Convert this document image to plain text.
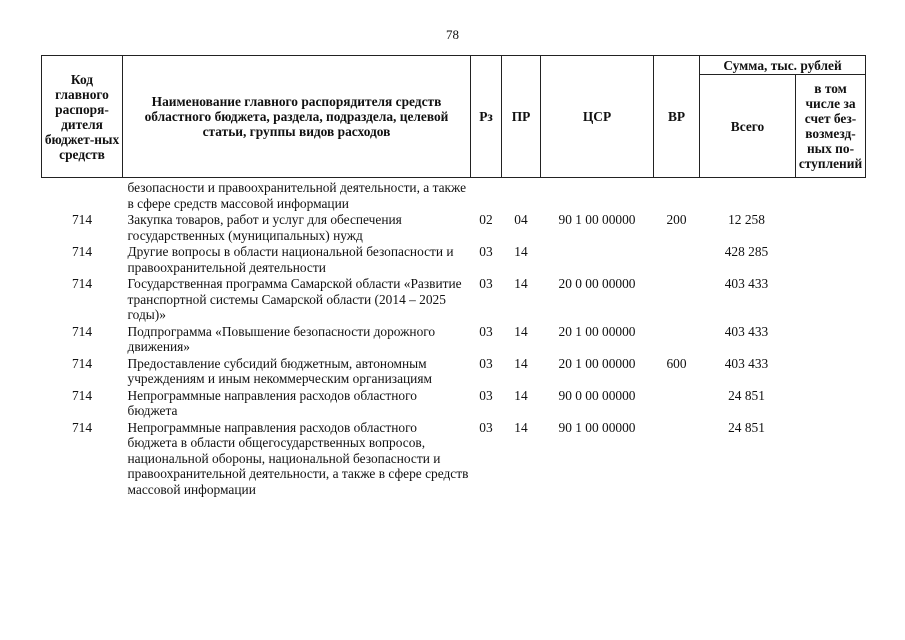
78
Код главного распоря-дителя бюджет-ных средств	Наименование главного распорядителя средств областного бюджета, раздела, подраздела, целевой статьи, группы видов расходов	Рз	ПР	ЦСР	ВР	Сумма, тыс. рублей	
						Всего	в том числе за счет без-возмезд-ных по-ступлений
	безопасности и правоохранительной деятельности, а также в сфере средств массовой информации						
714	Закупка товаров, работ и услуг для обеспечения государственных (муниципальных) нужд	02	04	90 1 00 00000	200	12 258	
714	Другие вопросы в области национальной безопасности и правоохранительной деятельности	03	14			428 285	
714	Государственная программа Самарской области «Развитие транспортной системы Самарской области (2014 – 2025 годы)»	03	14	20 0 00 00000		403 433	
714	Подпрограмма «Повышение безопасности дорожного движения»	03	14	20 1 00 00000		403 433	
714	Предоставление субсидий бюджетным, автономным учреждениям и иным некоммерческим организациям	03	14	20 1 00 00000	600	403 433	
714	Непрограммные направления расходов областного бюджета	03	14	90 0 00 00000		24 851	
714	Непрограммные направления расходов областного бюджета в области общегосударственных вопросов, национальной обороны, национальной безопасности и правоохранительной деятельности, а также в сфере средств массовой информации	03	14	90 1 00 00000		24 851	
